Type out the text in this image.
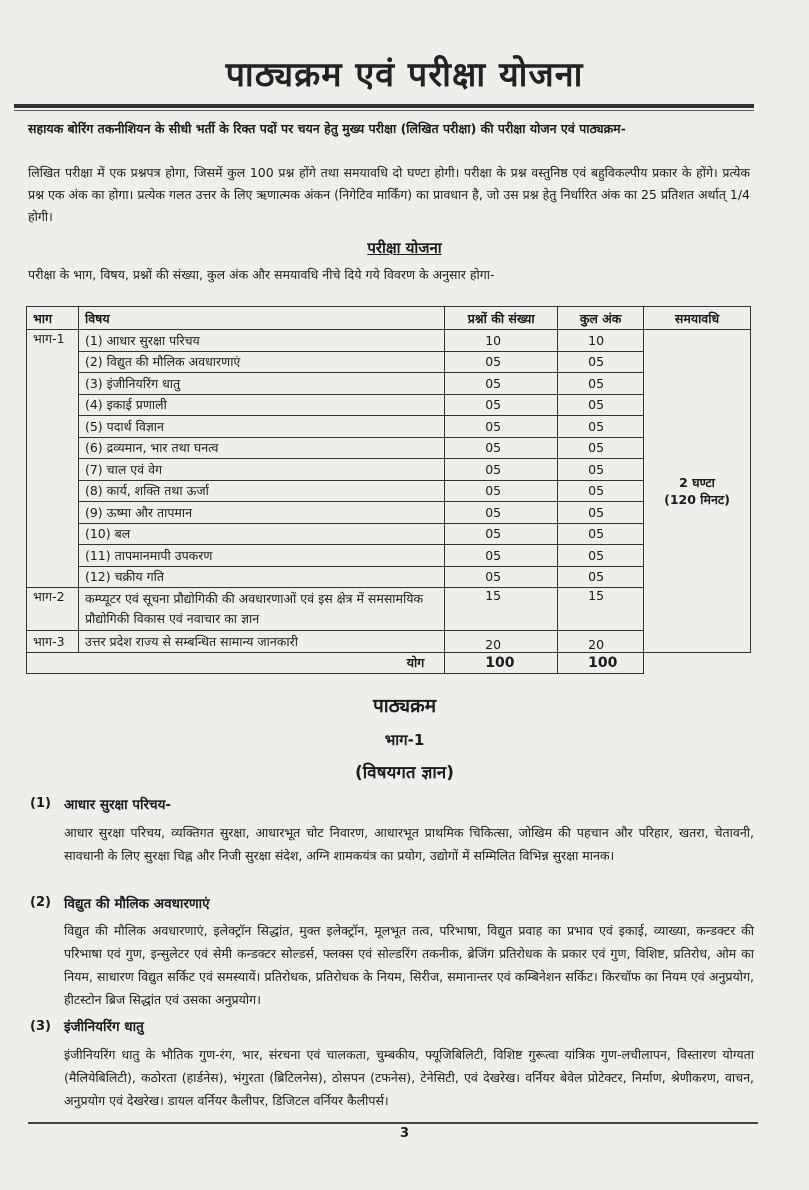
पाठ्यक्रम एवं परीक्षा योजना
सहायक बोरिंग तकनीशियन के सीधी भर्ती के रिक्त पदों पर चयन हेतु मुख्य परीक्षा (लिखित परीक्षा) की परीक्षा योजन एवं पाठ्यक्रम-
लिखित परीक्षा में एक प्रश्नपत्र होगा, जिसमें कुल 100 प्रश्न होंगे तथा समयावधि दो घण्टा होगी। परीक्षा के प्रश्न वस्तुनिष्ठ एवं बहुविकल्पीय प्रकार के होंगे। प्रत्येक प्रश्न एक अंक का होगा। प्रत्येक गलत उत्तर के लिए ऋणात्मक अंकन (निगेटिव मार्किंग) का प्रावधान है, जो उस प्रश्न हेतु निर्धारित अंक का 25 प्रतिशत अर्थात् 1/4 होगी।
परीक्षा योजना
परीक्षा के भाग, विषय, प्रश्नों की संख्या, कुल अंक और समयावधि नीचे दिये गये विवरण के अनुसार होगा-
भाग	विषय	प्रश्नों की संख्या	कुल अंक	समयावधि
भाग-1	(1) आधार सुरक्षा परिचय	10	10	2 घण्टा
(120 मिनट)

	(2) विद्युत की मौलिक अवधारणाएं	05	05	
	(3) इंजीनियरिंग धातु	05	05	
	(4) इकाई प्रणाली	05	05	
	(5) पदार्थ विज्ञान	05	05	
	(6) द्रव्यमान, भार तथा घनत्व	05	05	
	(7) चाल एवं वेग	05	05	
	(8) कार्य, शक्ति तथा ऊर्जा	05	05	
	(9) ऊष्मा और तापमान	05	05	
	(10) बल	05	05	
	(11) तापमानमापी उपकरण	05	05	
	(12) चक्रीय गति	05	05	
भाग-2	कम्प्यूटर एवं सूचना प्रौद्योगिकी की अवधारणाओं एवं इस क्षेत्र में समसामयिक प्रौद्योगिकी विकास एवं नवाचार का ज्ञान	15	15	
भाग-3	उत्तर प्रदेश राज्य से सम्बन्धित सामान्य जानकारी	20	20	
योग		100	100	
पाठ्यक्रम
भाग-1
(विषयगत ज्ञान)
(1) आधार सुरक्षा परिचय-
आधार सुरक्षा परिचय, व्यक्तिगत सुरक्षा, आधारभूत चोट निवारण, आधारभूत प्राथमिक चिकित्सा, जोखिम की पहचान और परिहार, खतरा, चेतावनी, सावधानी के लिए सुरक्षा चिह्न और निजी सुरक्षा संदेश, अग्नि शामकयंत्र का प्रयोग, उद्योगों में सम्मिलित विभिन्न सुरक्षा मानक।
(2) विद्युत की मौलिक अवधारणाएं
विद्युत की मौलिक अवधारणाएं, इलेक्ट्रॉन सिद्धांत, मुक्त इलेक्ट्रॉन, मूलभूत तत्व, परिभाषा, विद्युत प्रवाह का प्रभाव एवं इकाई, व्याख्या, कन्डक्टर की परिभाषा एवं गुण, इन्सुलेटर एवं सेमी कन्डक्टर सोल्डर्स, फ्लक्स एवं सोल्डरिंग तकनीक, ब्रेजिंग प्रतिरोधक के प्रकार एवं गुण, विशिष्ट, प्रतिरोध, ओम का नियम, साधारण विद्युत सर्किट एवं समस्यायें। प्रतिरोधक, प्रतिरोधक के नियम, सिरीज, समानान्तर एवं कम्बिनेशन सर्किट। किरचॉफ का नियम एवं अनुप्रयोग, हीटस्टोन ब्रिज सिद्धांत एवं उसका अनुप्रयोग।
(3) इंजीनियरिंग धातु
इंजीनियरिंग धातु के भौतिक गुण-रंग, भार, संरचना एवं चालकता, चुम्बकीय, फ्यूजिबिलिटी, विशिष्ट गुरूत्वा यांत्रिक गुण-लचीलापन, विस्तारण योग्यता (मैलियेबिलिटी), कठोरता (हार्डनेस), भंगुरता (ब्रिटिलनेस), ठोसपन (टफनेस), टेनेसिटी, एवं देखरेख। वर्नियर बेवेल प्रोटेक्टर, निर्माण, श्रेणीकरण, वाचन, अनुप्रयोग एवं देखरेख। डायल वर्नियर कैलीपर, डिजिटल वर्नियर कैलीपर्स।
3
